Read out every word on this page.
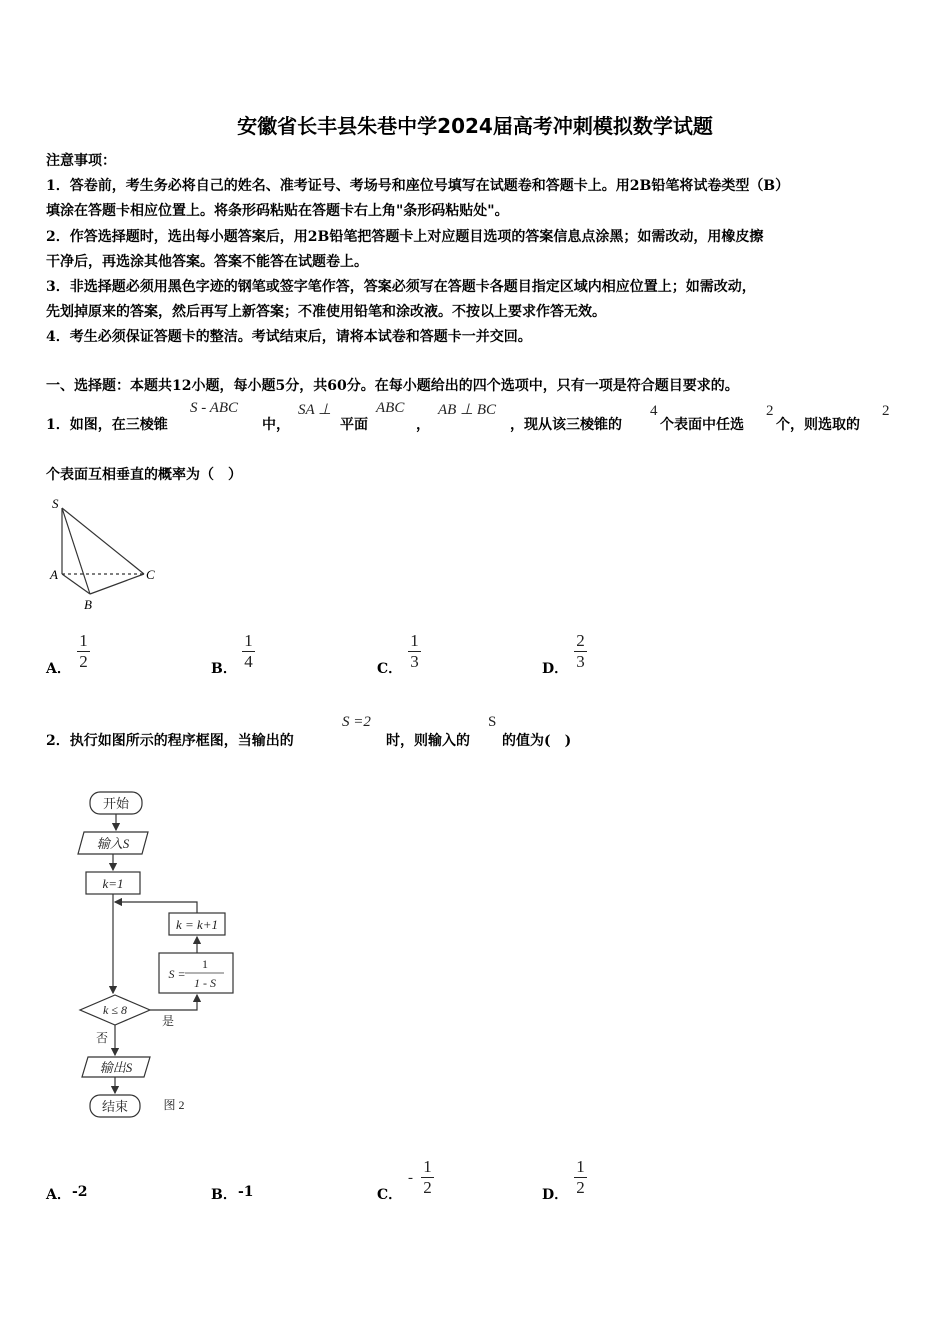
安徽省长丰县朱巷中学2024届高考冲刺模拟数学试题
注意事项：
1．答卷前，考生务必将自己的姓名、准考证号、考场号和座位号填写在试题卷和答题卡上。用2B铅笔将试卷类型（B）
填涂在答题卡相应位置上。将条形码粘贴在答题卡右上角"条形码粘贴处"。
2．作答选择题时，选出每小题答案后，用2B铅笔把答题卡上对应题目选项的答案信息点涂黑；如需改动，用橡皮擦
干净后，再选涂其他答案。答案不能答在试题卷上。
3．非选择题必须用黑色字迹的钢笔或签字笔作答，答案必须写在答题卡各题目指定区域内相应位置上；如需改动，
先划掉原来的答案，然后再写上新答案；不准使用铅笔和涂改液。不按以上要求作答无效。
4．考生必须保证答题卡的整洁。考试结束后，请将本试卷和答题卡一并交回。
一、选择题：本题共12小题，每小题5分，共60分。在每小题给出的四个选项中，只有一项是符合题目要求的。
1．如图，在三棱锥
S - ABC
中，
SA ⊥
平面
ABC
，
AB ⊥ BC
，现从该三棱锥的
4
个表面中任选
2
个，则选取的
2
个表面互相垂直的概率为（　）
S
A
B
C
A．
1
2	B．
1
4	C．
1
3	D．
2
3
2．执行如图所示的程序框图，当输出的
S =2
时，则输入的
S
的值为(　)
开始
输入S
k=1
k = k+1
S =
1
1 - S
k ≤ 8
是
否
输出S
结束	图 2
A． -2	B． -1	C．
-
1
2	D．
1
2
